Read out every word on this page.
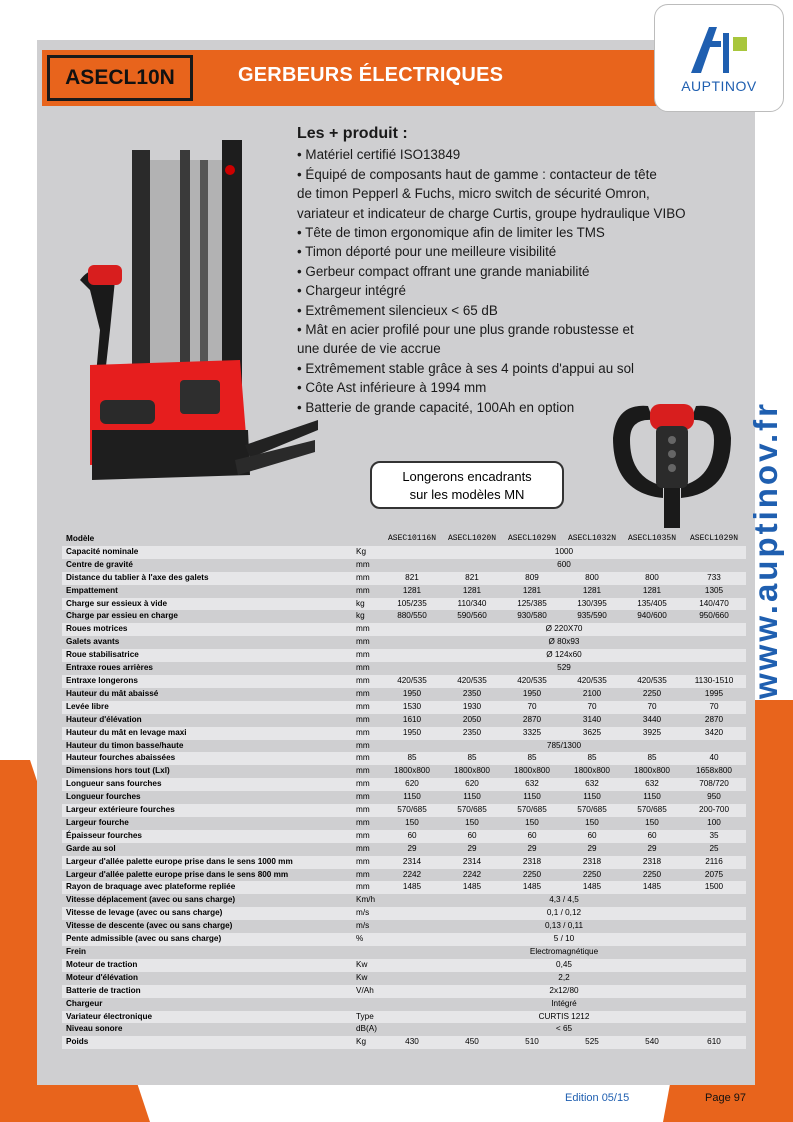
ASECL10N	GERBEURS ÉLECTRIQUES	AUPTINOV
www.auptinov.fr
Les + produit :
• Matériel certifié ISO13849
• Équipé de composants haut de gamme : contacteur de tête
de timon Pepperl & Fuchs, micro switch de sécurité Omron,
variateur et indicateur de charge Curtis, groupe hydraulique VIBO
• Tête de timon ergonomique afin de limiter les TMS
• Timon déporté pour une meilleure visibilité
• Gerbeur compact offrant une grande maniabilité
• Chargeur intégré
• Extrêmement silencieux < 65 dB
• Mât en acier profilé pour une plus grande robustesse et
une durée de vie accrue
• Extrêmement stable grâce à ses 4 points d'appui au sol
• Côte Ast inférieure à 1994 mm
• Batterie de grande capacité, 100Ah en option
Longerons encadrants
sur les modèles MN
Modèle		ASEC10116N	ASECL1020N	ASECL1029N	ASECL1032N	ASECL1035N	ASECL1029N
Capacité nominale	Kg	1000					
Centre de gravité	mm	600					
Distance du tablier à l'axe des galets	mm	821	821	809	800	800	733
Empattement	mm	1281	1281	1281	1281	1281	1305
Charge sur essieux à vide	kg	105/235	110/340	125/385	130/395	135/405	140/470
Charge par essieu en charge	kg	880/550	590/560	930/580	935/590	940/600	950/660
Roues motrices	mm	Ø 220X70					
Galets avants	mm	Ø 80x93					
Roue stabilisatrice	mm	Ø 124x60					
Entraxe roues arrières	mm	529					
Entraxe longerons	mm	420/535	420/535	420/535	420/535	420/535	1130-1510
Hauteur du mât abaissé	mm	1950	2350	1950	2100	2250	1995
Levée libre	mm	1530	1930	70	70	70	70
Hauteur d'élévation	mm	1610	2050	2870	3140	3440	2870
Hauteur du mât en levage maxi	mm	1950	2350	3325	3625	3925	3420
Hauteur du timon basse/haute	mm	785/1300					
Hauteur fourches abaissées	mm	85	85	85	85	85	40
Dimensions hors tout (Lxl)	mm	1800x800	1800x800	1800x800	1800x800	1800x800	1658x800
Longueur sans fourches	mm	620	620	632	632	632	708/720
Longueur fourches	mm	1150	1150	1150	1150	1150	950
Largeur extérieure fourches	mm	570/685	570/685	570/685	570/685	570/685	200-700
Largeur fourche	mm	150	150	150	150	150	100
Épaisseur fourches	mm	60	60	60	60	60	35
Garde au sol	mm	29	29	29	29	29	25
Largeur d'allée palette europe prise dans le sens 1000 mm	mm	2314	2314	2318	2318	2318	2116
Largeur d'allée palette europe prise dans le sens 800 mm	mm	2242	2242	2250	2250	2250	2075
Rayon de braquage avec plateforme repliée	mm	1485	1485	1485	1485	1485	1500
Vitesse déplacement (avec ou sans charge)	Km/h	4,3 / 4,5					
Vitesse de levage (avec ou sans charge)	m/s	0,1 / 0,12					
Vitesse de descente (avec ou sans charge)	m/s	0,13 / 0,11					
Pente admissible (avec ou sans charge)	%	5 / 10					
Frein		Electromagnétique					
Moteur de traction	Kw	0,45					
Moteur d'élévation	Kw	2,2					
Batterie de traction	V/Ah	2x12/80					
Chargeur		Intégré					
Variateur électronique	Type	CURTIS 1212					
Niveau sonore	dB(A)	< 65					
Poids	Kg	430	450	510	525	540	610
Edition 05/15	Page 97
